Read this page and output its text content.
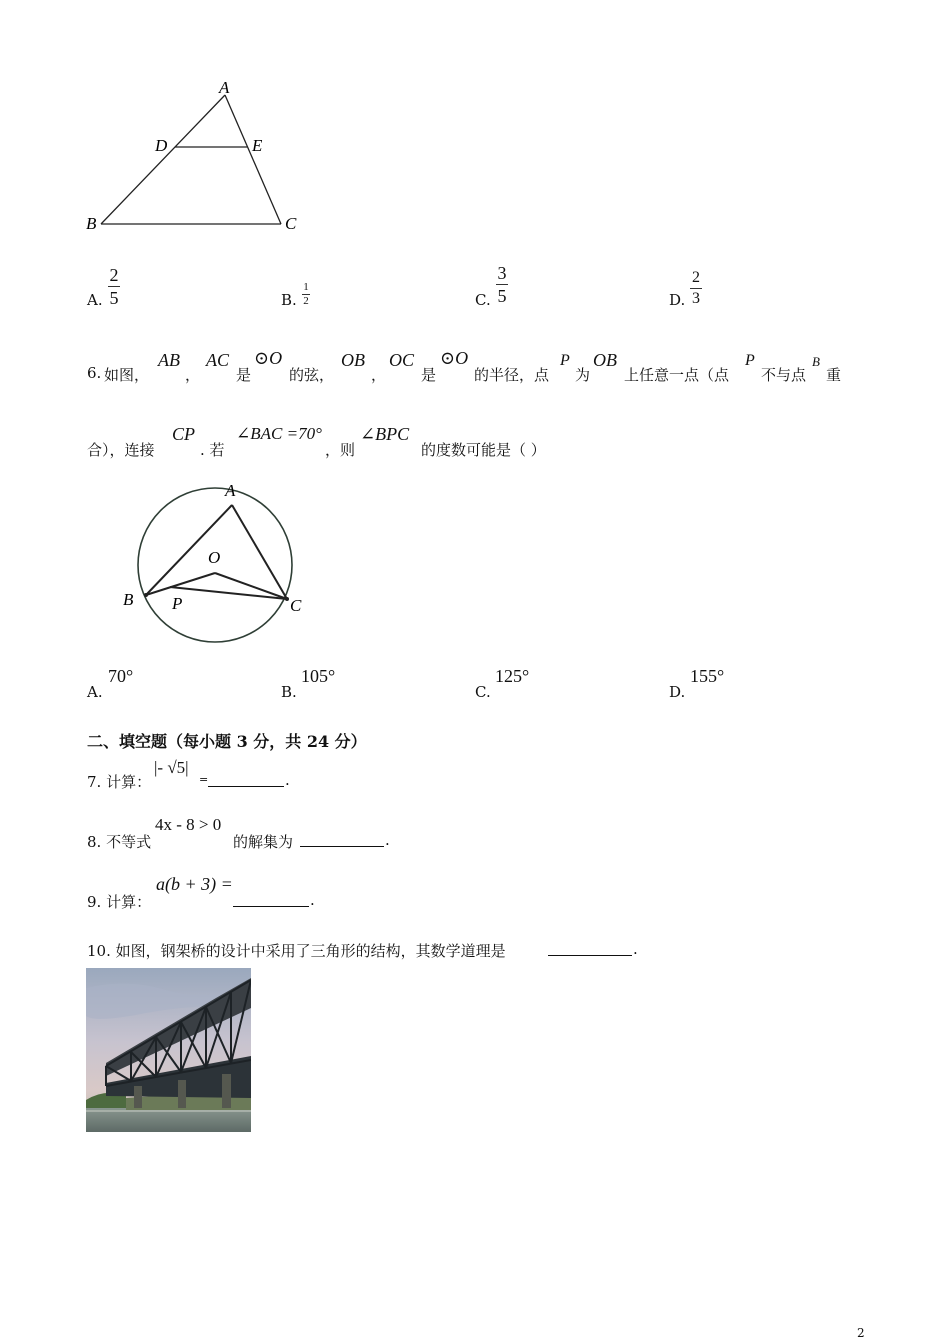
A
D	E
B	C
A.
2
5	B.
1
2	C.
3
5	D.
2
3
6. 如图，
AB
，
AC
是
⊙O
的弦，
OB
，
OC
是
⊙O
的半径，点
P
为
OB
上任意一点（点
P
不与点
B
重
合），连接
CP
. 若
∠BAC =70°
，则
∠BPC
的度数可能是（ ）
A
O
B P	C
A.
70°
B.
105°
C.
125°
D.
155°
二、填空题（每小题 3 分，共 24 分）
7. 计算：
|- √5|
=	.
8. 不等式
4x - 8 > 0
的解集为	.
9. 计算：
a(b + 3) =
.
10. 如图，钢架桥的设计中采用了三角形的结构，其数学道理是	.
2
